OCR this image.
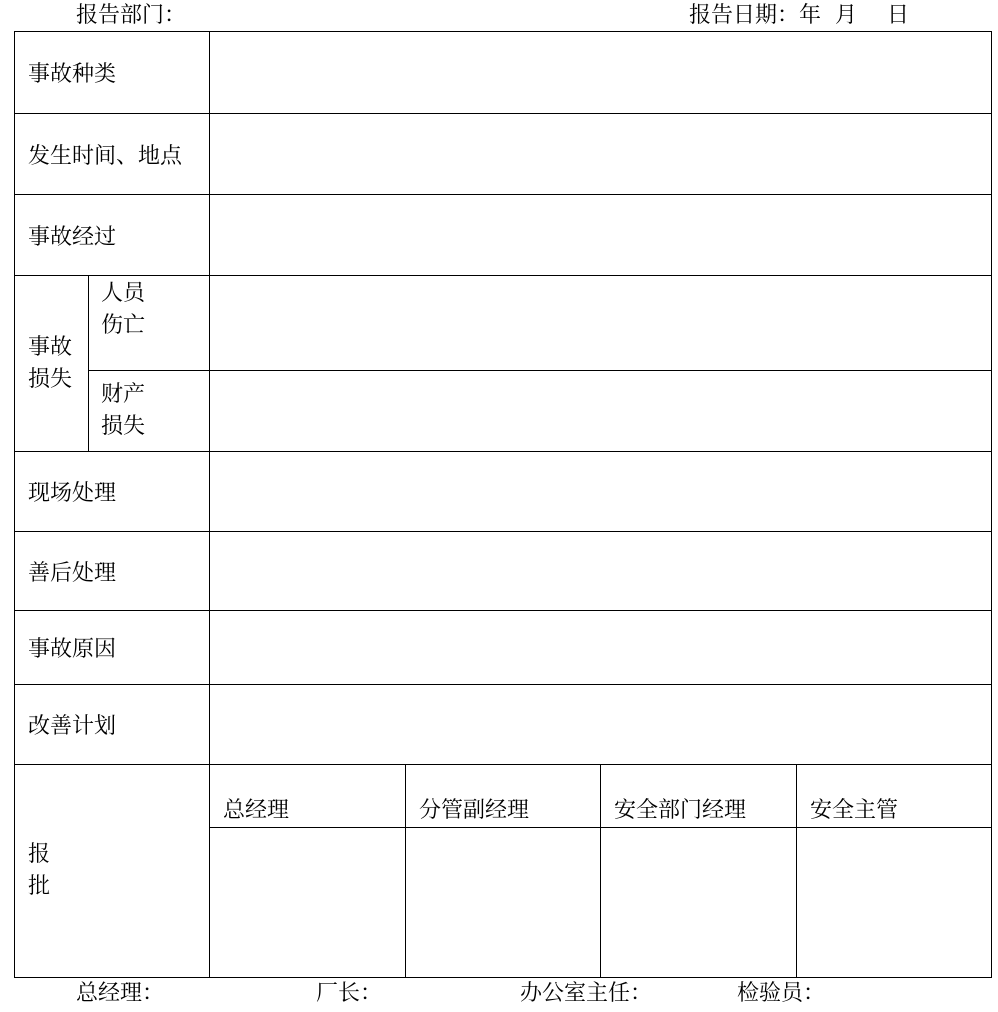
报告部门：	报告日期：年 月 日
事故种类					
发生时间、地点					
事故经过					

事故
损失	人员
伤亡				

	财产
损失				

现场处理					
善后处理					
事故原因					
改善计划					

报
批		总经理	分管副经理	安全部门经理	安全主管

总经理：	厂长：	办公室主任：	检验员：
